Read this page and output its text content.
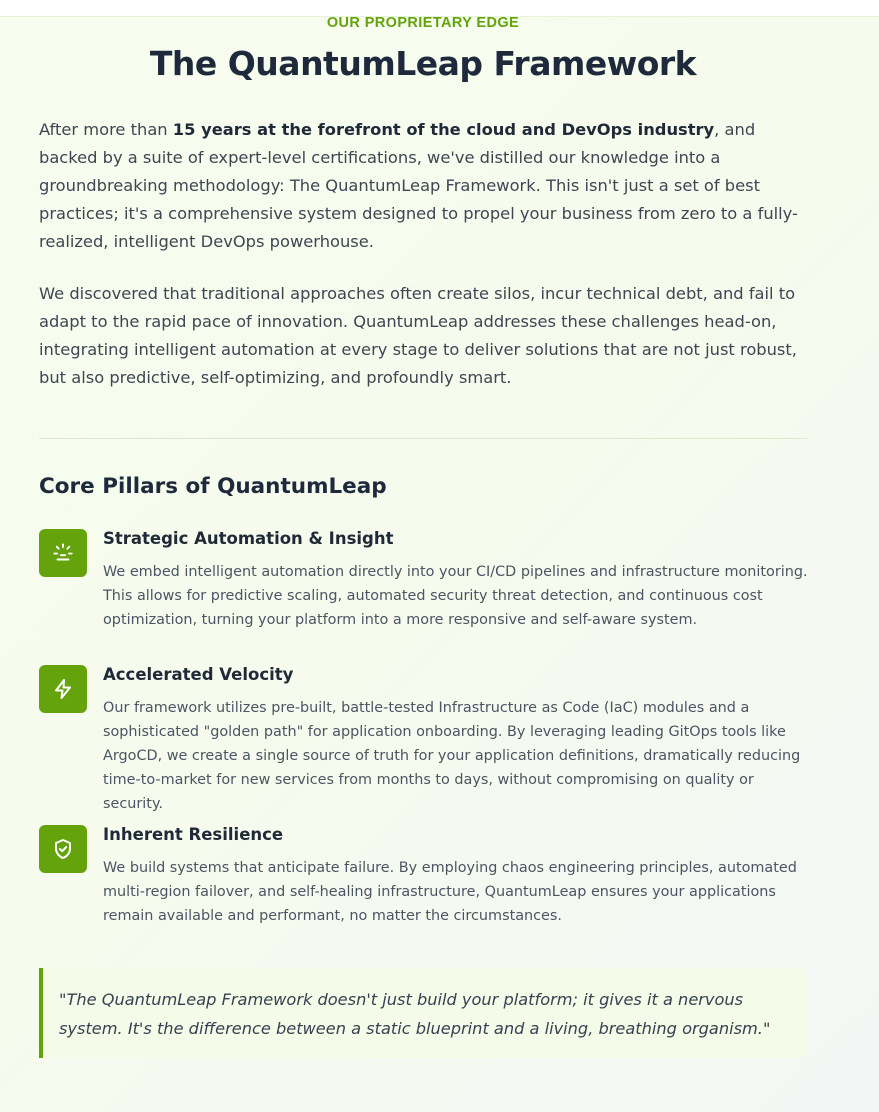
OUR PROPRIETARY EDGE
The QuantumLeap Framework

After more than 15 years at the forefront of the cloud and DevOps industry, and backed by a suite of expert-level certifications, we've distilled our knowledge into a groundbreaking methodology: The QuantumLeap Framework. This isn't just a set of best practices; it's a comprehensive system designed to propel your business from zero to a fully-realized, intelligent DevOps powerhouse.

We discovered that traditional approaches often create silos, incur technical debt, and fail to adapt to the rapid pace of innovation. QuantumLeap addresses these challenges head-on, integrating intelligent automation at every stage to deliver solutions that are not just robust, but also predictive, self-optimizing, and profoundly smart.

Core Pillars of QuantumLeap
Strategic Automation & Insight

We embed intelligent automation directly into your CI/CD pipelines and infrastructure monitoring. This allows for predictive scaling, automated security threat detection, and continuous cost optimization, turning your platform into a more responsive and self-aware system.

Accelerated Velocity

Our framework utilizes pre-built, battle-tested Infrastructure as Code (IaC) modules and a sophisticated "golden path" for application onboarding. By leveraging leading GitOps tools like ArgoCD, we create a single source of truth for your application definitions, dramatically reducing time-to-market for new services from months to days, without compromising on quality or security.

Inherent Resilience

We build systems that anticipate failure. By employing chaos engineering principles, automated multi-region failover, and self-healing infrastructure, QuantumLeap ensures your applications remain available and performant, no matter the circumstances.

"The QuantumLeap Framework doesn't just build your platform; it gives it a nervous system. It's the difference between a static blueprint and a living, breathing organism."
